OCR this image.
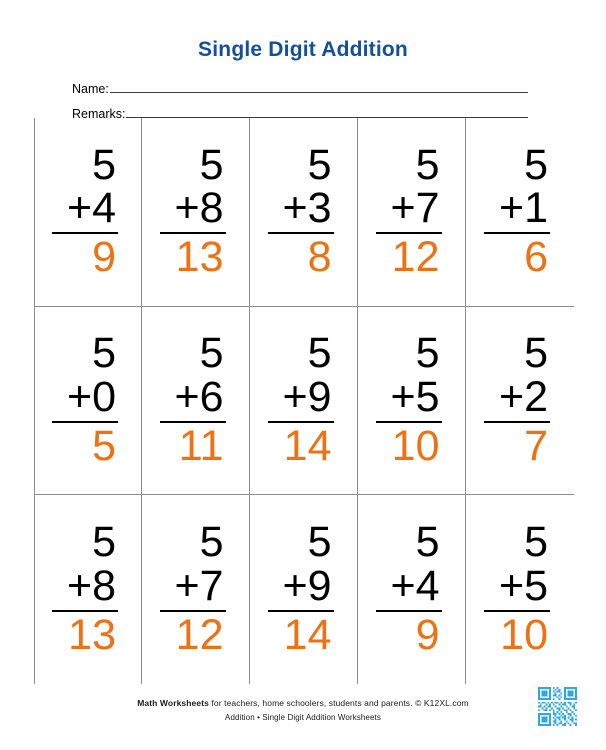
Single Digit Addition
Name:
Remarks:
5
+4
9
5
+8
13
5
+3
8
5
+7
12
5
+1
6
5
+0
5
5
+6
11
5
+9
14
5
+5
10
5
+2
7
5
+8
13
5
+7
12
5
+9
14
5
+4
9
5
+5
10
Math Worksheets for teachers, home schoolers, students and parents. © K12XL.com
Addition • Single Digit Addition Worksheets
